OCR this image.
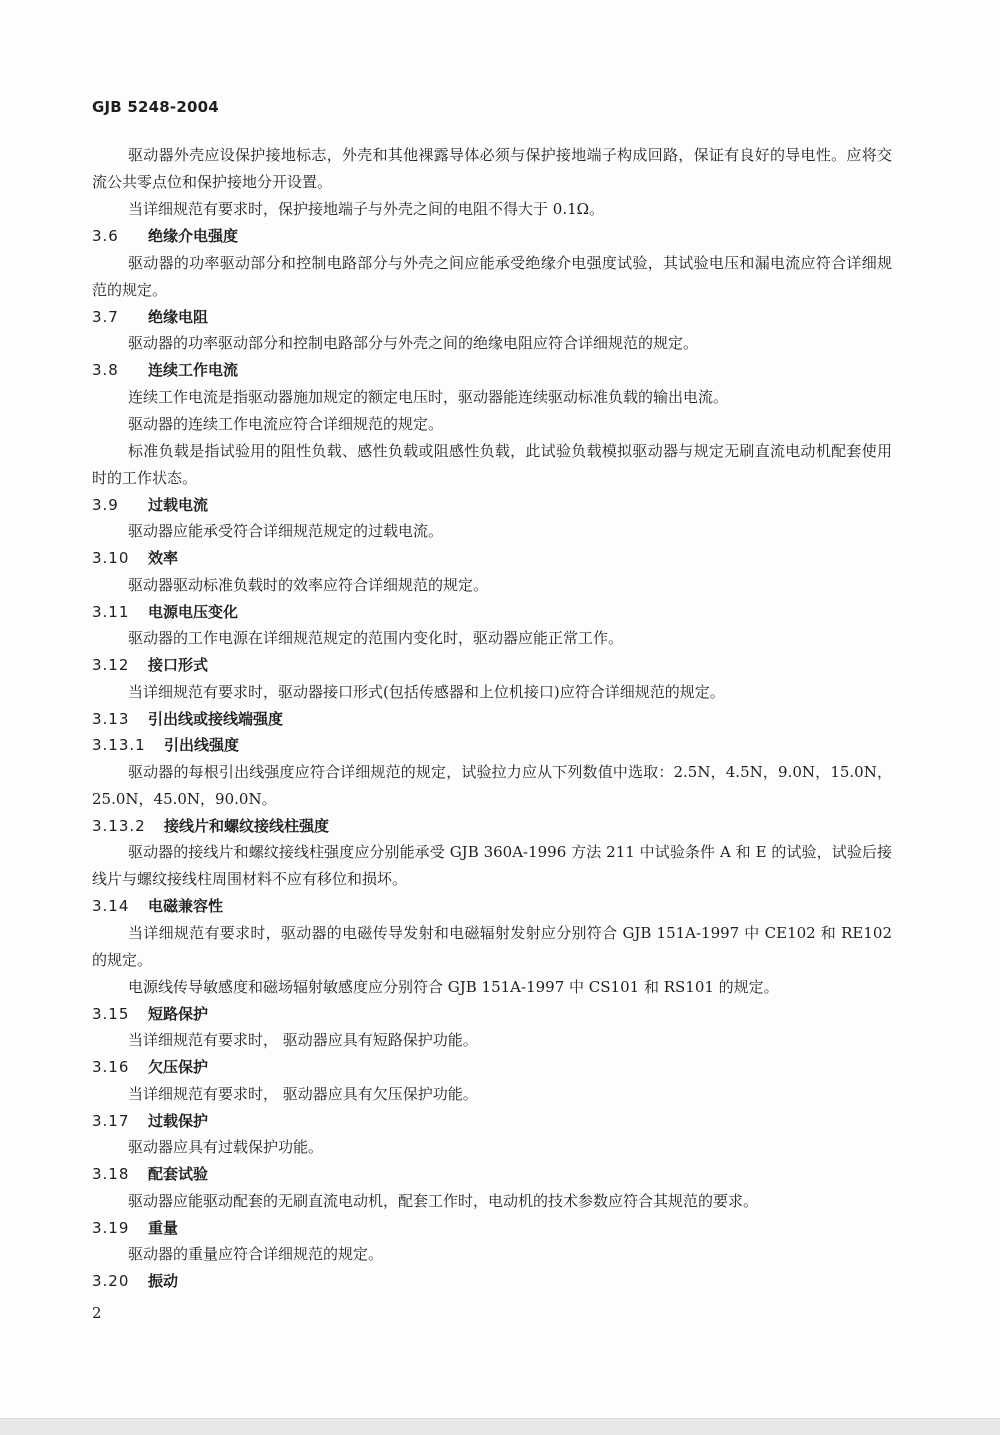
GJB 5248-2004

驱动器外壳应设保护接地标志，外壳和其他裸露导体必须与保护接地端子构成回路，保证有良好的导电性。应将交流公共零点位和保护接地分开设置。

当详细规范有要求时，保护接地端子与外壳之间的电阻不得大于 0.1Ω。

3.6 绝缘介电强度

驱动器的功率驱动部分和控制电路部分与外壳之间应能承受绝缘介电强度试验，其试验电压和漏电流应符合详细规范的规定。

3.7 绝缘电阻

驱动器的功率驱动部分和控制电路部分与外壳之间的绝缘电阻应符合详细规范的规定。

3.8 连续工作电流

连续工作电流是指驱动器施加规定的额定电压时，驱动器能连续驱动标准负载的输出电流。

驱动器的连续工作电流应符合详细规范的规定。

标准负载是指试验用的阻性负载、感性负载或阻感性负载，此试验负载模拟驱动器与规定无刷直流电动机配套使用时的工作状态。

3.9 过载电流

驱动器应能承受符合详细规范规定的过载电流。

3.10 效率

驱动器驱动标准负载时的效率应符合详细规范的规定。

3.11 电源电压变化

驱动器的工作电源在详细规范规定的范围内变化时，驱动器应能正常工作。

3.12 接口形式

当详细规范有要求时，驱动器接口形式(包括传感器和上位机接口)应符合详细规范的规定。

3.13 引出线或接线端强度
3.13.1 引出线强度

驱动器的每根引出线强度应符合详细规范的规定，试验拉力应从下列数值中选取：2.5N，4.5N，9.0N，15.0N，25.0N，45.0N，90.0N。

3.13.2 接线片和螺纹接线柱强度

驱动器的接线片和螺纹接线柱强度应分别能承受 GJB 360A-1996 方法 211 中试验条件 A 和 E 的试验，试验后接线片与螺纹接线柱周围材料不应有移位和损坏。

3.14 电磁兼容性

当详细规范有要求时，驱动器的电磁传导发射和电磁辐射发射应分别符合 GJB 151A-1997 中 CE102 和 RE102 的规定。

电源线传导敏感度和磁场辐射敏感度应分别符合 GJB 151A-1997 中 CS101 和 RS101 的规定。

3.15 短路保护

当详细规范有要求时， 驱动器应具有短路保护功能。

3.16 欠压保护

当详细规范有要求时， 驱动器应具有欠压保护功能。

3.17 过载保护

驱动器应具有过载保护功能。

3.18 配套试验

驱动器应能驱动配套的无刷直流电动机，配套工作时，电动机的技术参数应符合其规范的要求。

3.19 重量

驱动器的重量应符合详细规范的规定。

3.20 振动
2
